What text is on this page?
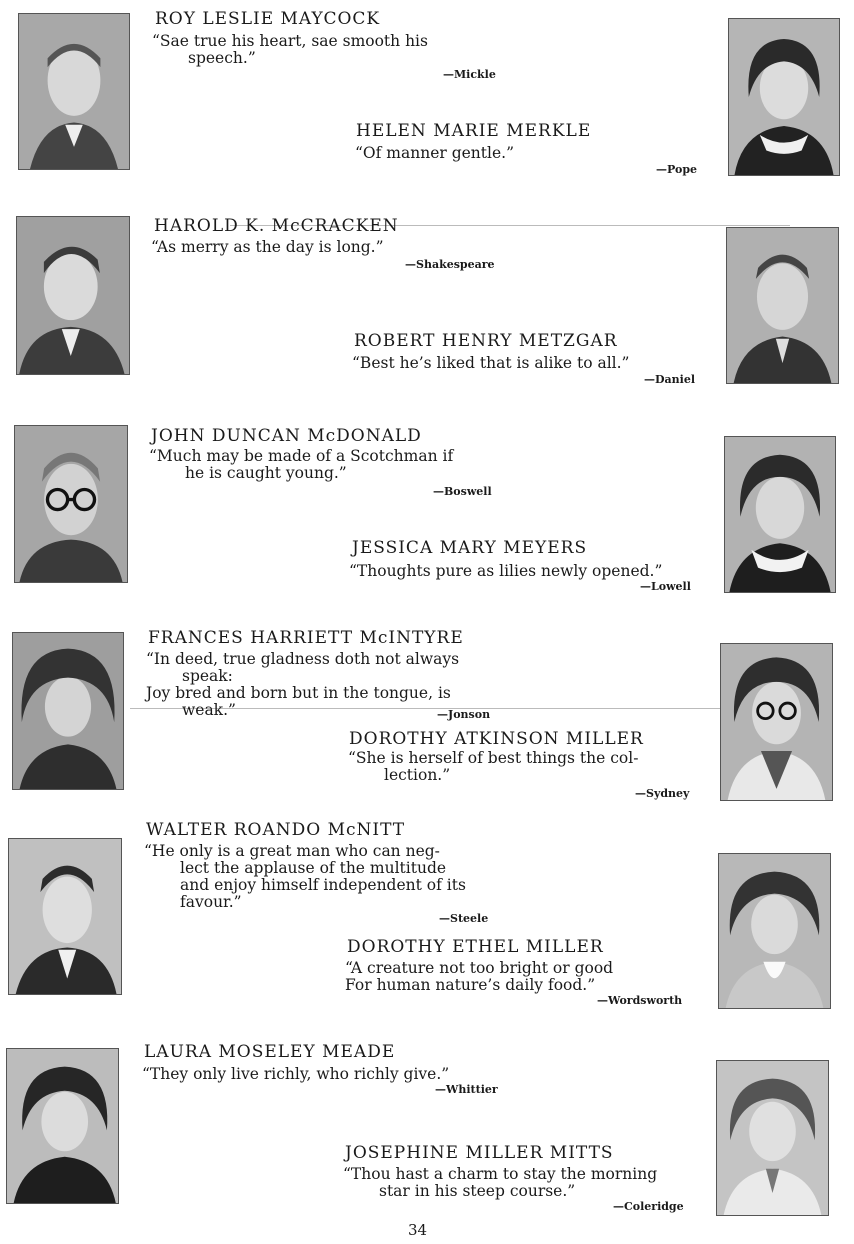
ROY LESLIE MAYCOCK
“Sae true his heart, sae smooth his
speech.”
—Mickle
HELEN MARIE MERKLE
“Of manner gentle.”
—Pope
HAROLD K. McCRACKEN
“As merry as the day is long.”
—Shakespeare
ROBERT HENRY METZGAR
“Best he’s liked that is alike to all.”
—Daniel
JOHN DUNCAN McDONALD
“Much may be made of a Scotchman if
he is caught young.”
—Boswell
JESSICA MARY MEYERS
“Thoughts pure as lilies newly opened.”
—Lowell
FRANCES HARRIETT McINTYRE
“In deed, true gladness doth not always
speak:
Joy bred and born but in the tongue, is
weak.”	—Jonson
DOROTHY ATKINSON MILLER
“She is herself of best things the col-
lection.”
—Sydney
WALTER ROANDO McNITT
“He only is a great man who can neg-
lect the applause of the multitude
and enjoy himself independent of its
favour.”
—Steele
DOROTHY ETHEL MILLER
“A creature not too bright or good
For human nature’s daily food.”
—Wordsworth
LAURA MOSELEY MEADE
“They only live richly, who richly give.”
—Whittier
JOSEPHINE MILLER MITTS
“Thou hast a charm to stay the morning
star in his steep course.”
—Coleridge
34
